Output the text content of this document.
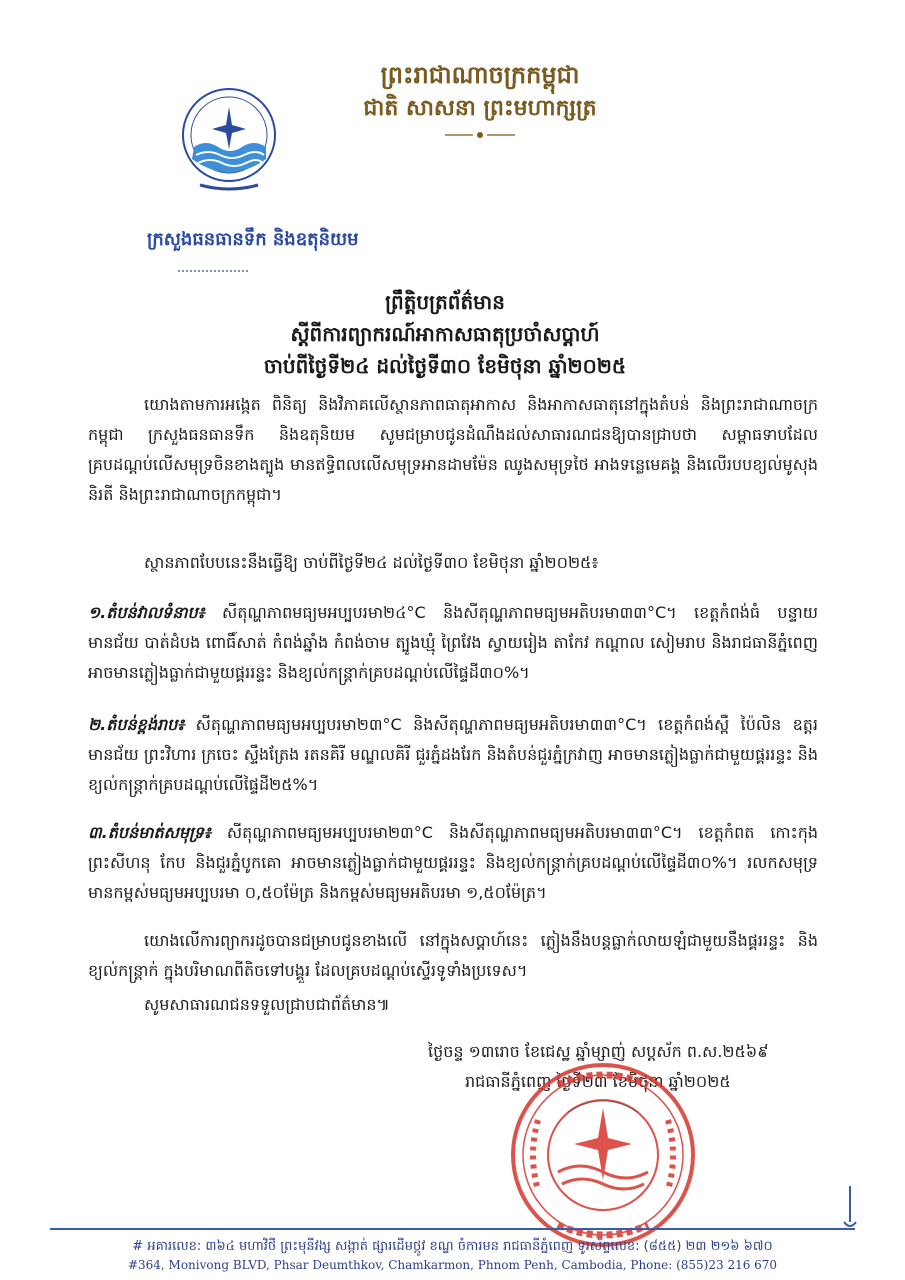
ព្រះរាជាណាចក្រកម្ពុជា
ជាតិ សាសនា ព្រះមហាក្សត្រ
ក្រសួងធនធានទឹក និងឧតុនិយម
ព្រឹត្តិបត្រព័ត៌មាន
ស្តីពីការព្យាករណ៍អាកាសធាតុប្រចាំសប្តាហ៍
ចាប់ពីថ្ងៃទី២៤ ដល់ថ្ងៃទី៣០ ខែមិថុនា ឆ្នាំ២០២៥

យោងតាមការអង្កេត ពិនិត្យ និងវិភាគលើស្ថានភាពធាតុអាកាស និងអាកាសធាតុនៅក្នុងតំបន់ និងព្រះរាជាណាចក្រកម្ពុជា ក្រសួងធនធានទឹក និងឧតុនិយម សូមជម្រាបជូនដំណឹងដល់សាធារណជនឱ្យបានជ្រាបថា សម្ពាធទាបដែលគ្របដណ្តប់លើសមុទ្រចិនខាងត្បូង មានឥទ្ធិពលលើសមុទ្រអានដាមម៉ែន ឈូងសមុទ្រថៃ អាងទន្លេមេគង្គ និងលើរបបខ្យល់មូសុងនិរតី និងព្រះរាជាណាចក្រកម្ពុជា។

ស្ថានភាពបែបនេះនឹងធ្វើឱ្យ ចាប់ពីថ្ងៃទី២៤ ដល់ថ្ងៃទី៣០ ខែមិថុនា ឆ្នាំ២០២៥៖

១.តំបន់វាលទំនាប៖ សីតុណ្ហភាពមធ្យមអប្បបរមា២៤°C និងសីតុណ្ហភាពមធ្យមអតិបរមា៣៣°C។ ខេត្តកំពង់ធំ បន្ទាយមានជ័យ បាត់ដំបង ពោធិ៍សាត់ កំពង់ឆ្នាំង កំពង់ចាម ត្បូងឃ្មុំ ព្រៃវែង ស្វាយរៀង តាកែវ កណ្តាល សៀមរាប និងរាជធានីភ្នំពេញ អាចមានភ្លៀងធ្លាក់ជាមួយផ្គររន្ទះ និងខ្យល់កន្ត្រាក់គ្របដណ្តប់លើផ្ទៃដី៣០%។

២.តំបន់ខ្ពង់រាប៖ សីតុណ្ហភាពមធ្យមអប្បបរមា២៣°C និងសីតុណ្ហភាពមធ្យមអតិបរមា៣៣°C។ ខេត្តកំពង់ស្ពឺ ប៉ៃលិន ឧត្តរមានជ័យ ព្រះវិហារ ក្រចេះ ស្ទឹងត្រែង រតនគិរី មណ្ឌលគិរី ជួរភ្នំដងរែក និងតំបន់ជួរភ្នំក្រវាញ អាចមានភ្លៀងធ្លាក់ជាមួយផ្គររន្ទះ និងខ្យល់កន្ត្រាក់គ្របដណ្តប់លើផ្ទៃដី២៥%។

៣.តំបន់មាត់សមុទ្រ៖ សីតុណ្ហភាពមធ្យមអប្បបរមា២៣°C និងសីតុណ្ហភាពមធ្យមអតិបរមា៣៣°C។ ខេត្តកំពត កោះកុង ព្រះសីហនុ កែប និងជួរភ្នំបូកគោ អាចមានភ្លៀងធ្លាក់ជាមួយផ្គររន្ទះ និងខ្យល់កន្ត្រាក់គ្របដណ្តប់លើផ្ទៃដី៣០%។ រលកសមុទ្រមានកម្ពស់មធ្យមអប្បបរមា ០,៥០ម៉ែត្រ និងកម្ពស់មធ្យមអតិបរមា ១,៥០ម៉ែត្រ។

យោងលើការព្យាករដូចបានជម្រាបជូនខាងលើ នៅក្នុងសប្តាហ៍នេះ ភ្លៀងនឹងបន្តធ្លាក់លាយឡំជាមួយនឹងផ្គររន្ទះ និងខ្យល់កន្ត្រាក់ ក្នុងបរិមាណពីតិចទៅបង្គួរ ដែលគ្របដណ្តប់ស្ទើរទូទាំងប្រទេស។

សូមសាធារណជនទទួលជ្រាបជាព័ត៌មាន៕

ថ្ងៃចន្ទ ១៣រោច ខែជេស្ឋ ឆ្នាំម្សាញ់ សប្តស័ក ព.ស.២៥៦៩
រាជធានីភ្នំពេញ ថ្ងៃទី២៣ ខែមិថុនា ឆ្នាំ២០២៥
# អគារលេខ: ៣៦៤ មហាវិថី ព្រះមុនីវង្ស សង្កាត់ ផ្សារដើមថ្កូវ ខណ្ឌ ចំការមន រាជធានីភ្នំពេញ ទូរស័ព្ទលេខ: (៨៥៥) ២៣ ២១៦ ៦៧០
#364, Monivong BLVD, Phsar Deumthkov, Chamkarmon, Phnom Penh, Cambodia, Phone: (855)23 216 670
